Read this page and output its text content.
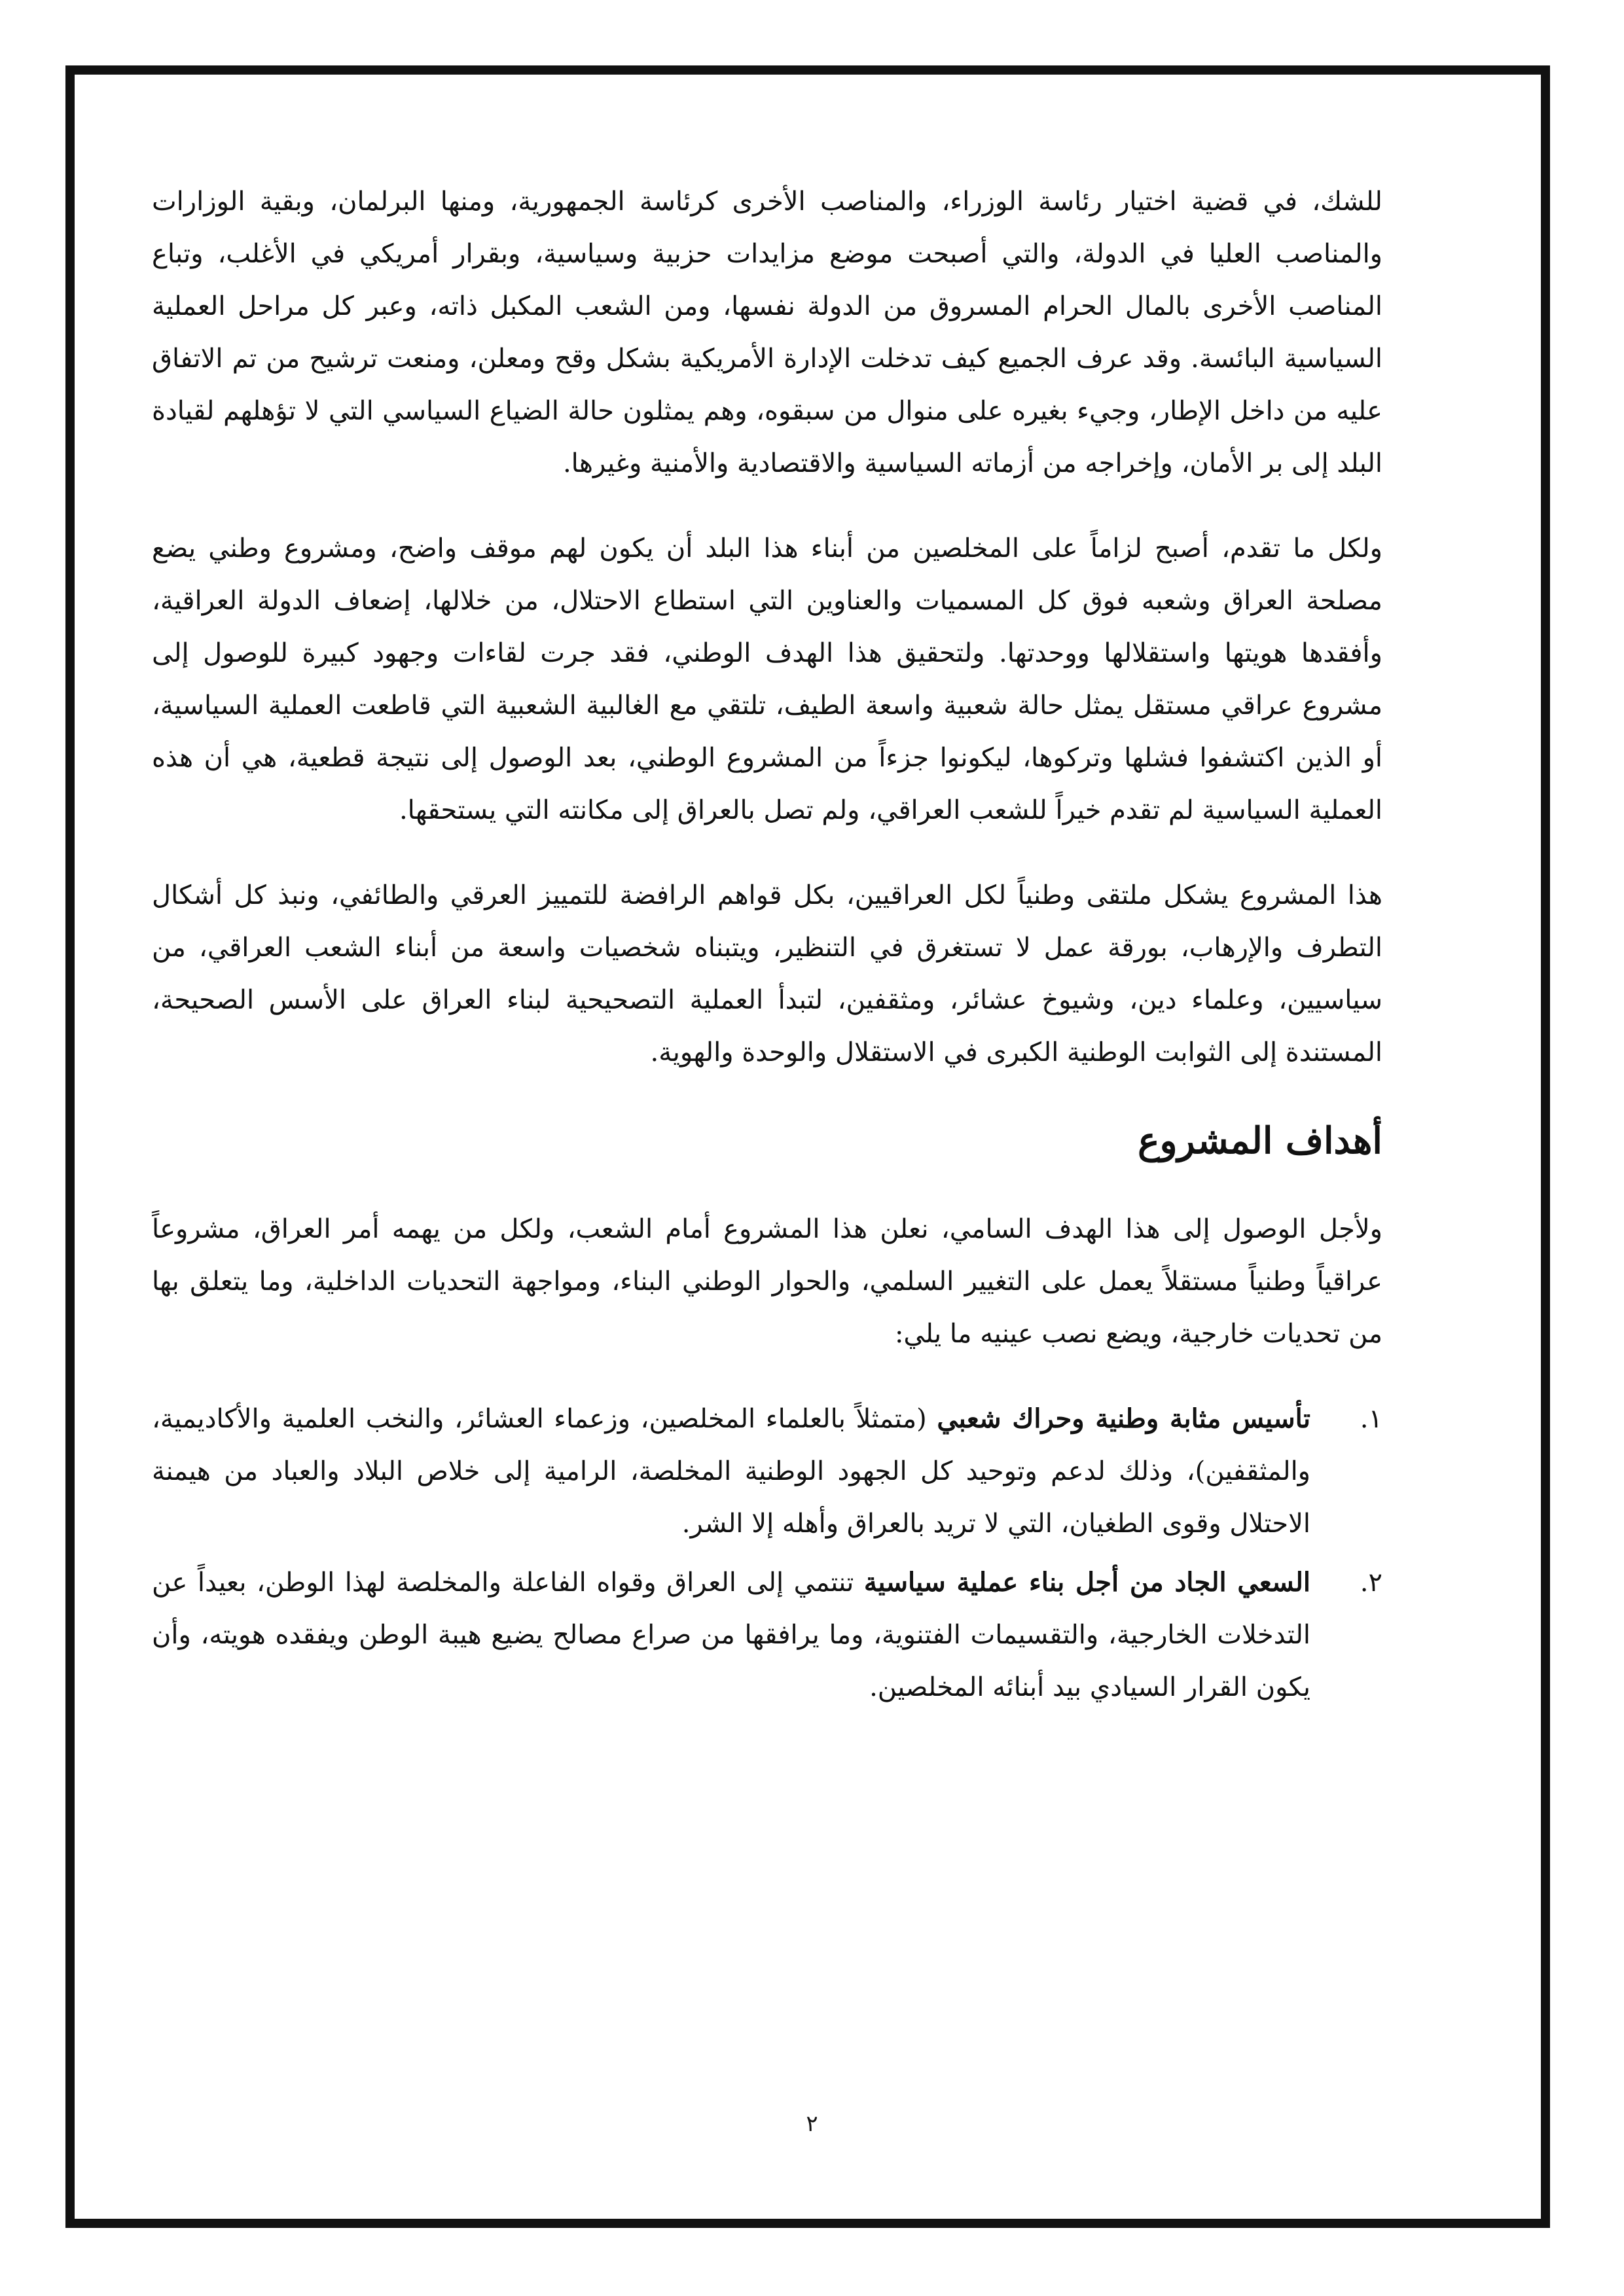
للشك، في قضية اختيار رئاسة الوزراء، والمناصب الأخرى كرئاسة الجمهورية، ومنها البرلمان، وبقية الوزارات والمناصب العليا في الدولة، والتي أصبحت موضع مزايدات حزبية وسياسية، وبقرار أمريكي في الأغلب، وتباع المناصب الأخرى بالمال الحرام المسروق من الدولة نفسها، ومن الشعب المكبل ذاته، وعبر كل مراحل العملية السياسية البائسة. وقد عرف الجميع كيف تدخلت الإدارة الأمريكية بشكل وقح ومعلن، ومنعت ترشيح من تم الاتفاق عليه من داخل الإطار، وجيء بغيره على منوال من سبقوه، وهم يمثلون حالة الضياع السياسي التي لا تؤهلهم لقيادة البلد إلى بر الأمان، وإخراجه من أزماته السياسية والاقتصادية والأمنية وغيرها.

ولكل ما تقدم، أصبح لزاماً على المخلصين من أبناء هذا البلد أن يكون لهم موقف واضح، ومشروع وطني يضع مصلحة العراق وشعبه فوق كل المسميات والعناوين التي استطاع الاحتلال، من خلالها، إضعاف الدولة العراقية، وأفقدها هويتها واستقلالها ووحدتها. ولتحقيق هذا الهدف الوطني، فقد جرت لقاءات وجهود كبيرة للوصول إلى مشروع عراقي مستقل يمثل حالة شعبية واسعة الطيف، تلتقي مع الغالبية الشعبية التي قاطعت العملية السياسية، أو الذين اكتشفوا فشلها وتركوها، ليكونوا جزءاً من المشروع الوطني، بعد الوصول إلى نتيجة قطعية، هي أن هذه العملية السياسية لم تقدم خيراً للشعب العراقي، ولم تصل بالعراق إلى مكانته التي يستحقها.

هذا المشروع يشكل ملتقى وطنياً لكل العراقيين، بكل قواهم الرافضة للتمييز العرقي والطائفي، ونبذ كل أشكال التطرف والإرهاب، بورقة عمل لا تستغرق في التنظير، ويتبناه شخصيات واسعة من أبناء الشعب العراقي، من سياسيين، وعلماء دين، وشيوخ عشائر، ومثقفين، لتبدأ العملية التصحيحية لبناء العراق على الأسس الصحيحة، المستندة إلى الثوابت الوطنية الكبرى في الاستقلال والوحدة والهوية.

أهداف المشروع

ولأجل الوصول إلى هذا الهدف السامي، نعلن هذا المشروع أمام الشعب، ولكل من يهمه أمر العراق، مشروعاً عراقياً وطنياً مستقلاً يعمل على التغيير السلمي، والحوار الوطني البناء، ومواجهة التحديات الداخلية، وما يتعلق بها من تحديات خارجية، ويضع نصب عينيه ما يلي:

١.
تأسيس مثابة وطنية وحراك شعبي (متمثلاً بالعلماء المخلصين، وزعماء العشائر، والنخب العلمية والأكاديمية، والمثقفين)، وذلك لدعم وتوحيد كل الجهود الوطنية المخلصة، الرامية إلى خلاص البلاد والعباد من هيمنة الاحتلال وقوى الطغيان، التي لا تريد بالعراق وأهله إلا الشر.
٢.
السعي الجاد من أجل بناء عملية سياسية تنتمي إلى العراق وقواه الفاعلة والمخلصة لهذا الوطن، بعيداً عن التدخلات الخارجية، والتقسيمات الفتنوية، وما يرافقها من صراع مصالح يضيع هيبة الوطن ويفقده هويته، وأن يكون القرار السيادي بيد أبنائه المخلصين.
٢
